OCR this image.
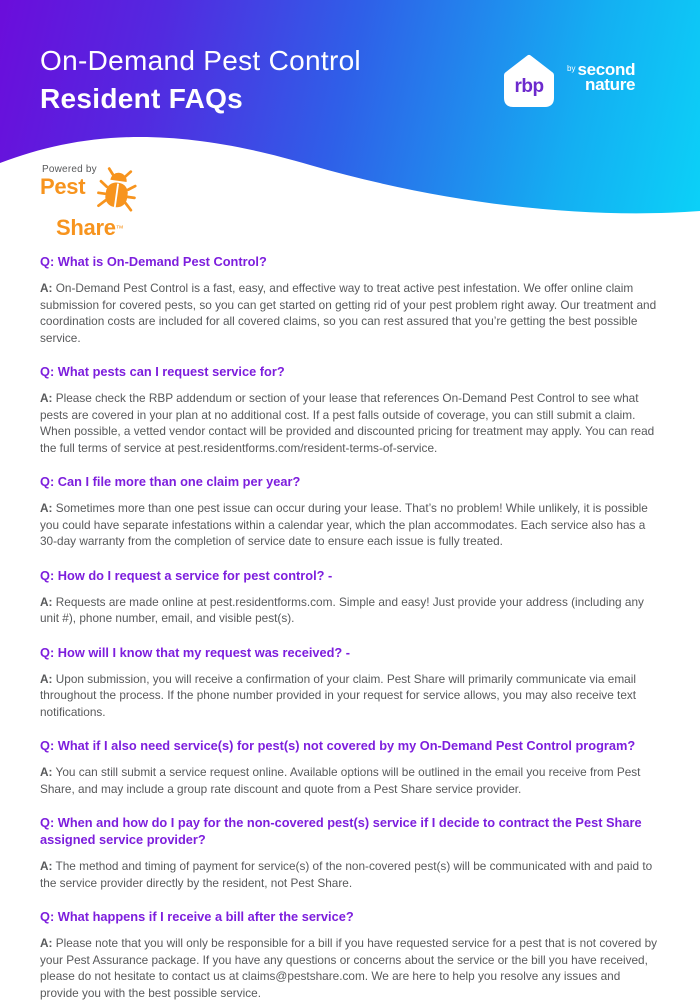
On-Demand Pest Control
Resident FAQs	rbp
$^{by}$ second
nature
Powered by
Pest
Share™
Q: What is On-Demand Pest Control?

A: On-Demand Pest Control is a fast, easy, and effective way to treat active pest infestation. We offer online claim submission for covered pests, so you can get started on getting rid of your pest problem right away. Our treatment and coordination costs are included for all covered claims, so you can rest assured that you’re getting the best possible service.

Q: What pests can I request service for?

A: Please check the RBP addendum or section of your lease that references On-Demand Pest Control to see what pests are covered in your plan at no additional cost. If a pest falls outside of coverage, you can still submit a claim. When possible, a vetted vendor contact will be provided and discounted pricing for treatment may apply. You can read the full terms of service at pest.residentforms.com/resident-terms-of-service.

Q: Can I file more than one claim per year?

A: Sometimes more than one pest issue can occur during your lease. That’s no problem! While unlikely, it is possible you could have separate infestations within a calendar year, which the plan accommodates. Each service also has a 30-day warranty from the completion of service date to ensure each issue is fully treated.

Q: How do I request a service for pest control? -

A: Requests are made online at pest.residentforms.com. Simple and easy! Just provide your address (including any unit #), phone number, email, and visible pest(s).

Q: How will I know that my request was received? -

A: Upon submission, you will receive a confirmation of your claim. Pest Share will primarily communicate via email throughout the process. If the phone number provided in your request for service allows, you may also receive text notifications.

Q: What if I also need service(s) for pest(s) not covered by my On-Demand Pest Control program?

A: You can still submit a service request online. Available options will be outlined in the email you receive from Pest Share, and may include a group rate discount and quote from a Pest Share service provider.

Q: When and how do I pay for the non-covered pest(s) service if I decide to contract the Pest Share assigned service provider?

A: The method and timing of payment for service(s) of the non-covered pest(s) will be communicated with and paid to the service provider directly by the resident, not Pest Share.

Q: What happens if I receive a bill after the service?

A: Please note that you will only be responsible for a bill if you have requested service for a pest that is not covered by your Pest Assurance package. If you have any questions or concerns about the service or the bill you have received, please do not hesitate to contact us at claims@pestshare.com. We are here to help you resolve any issues and provide you with the best possible service.
